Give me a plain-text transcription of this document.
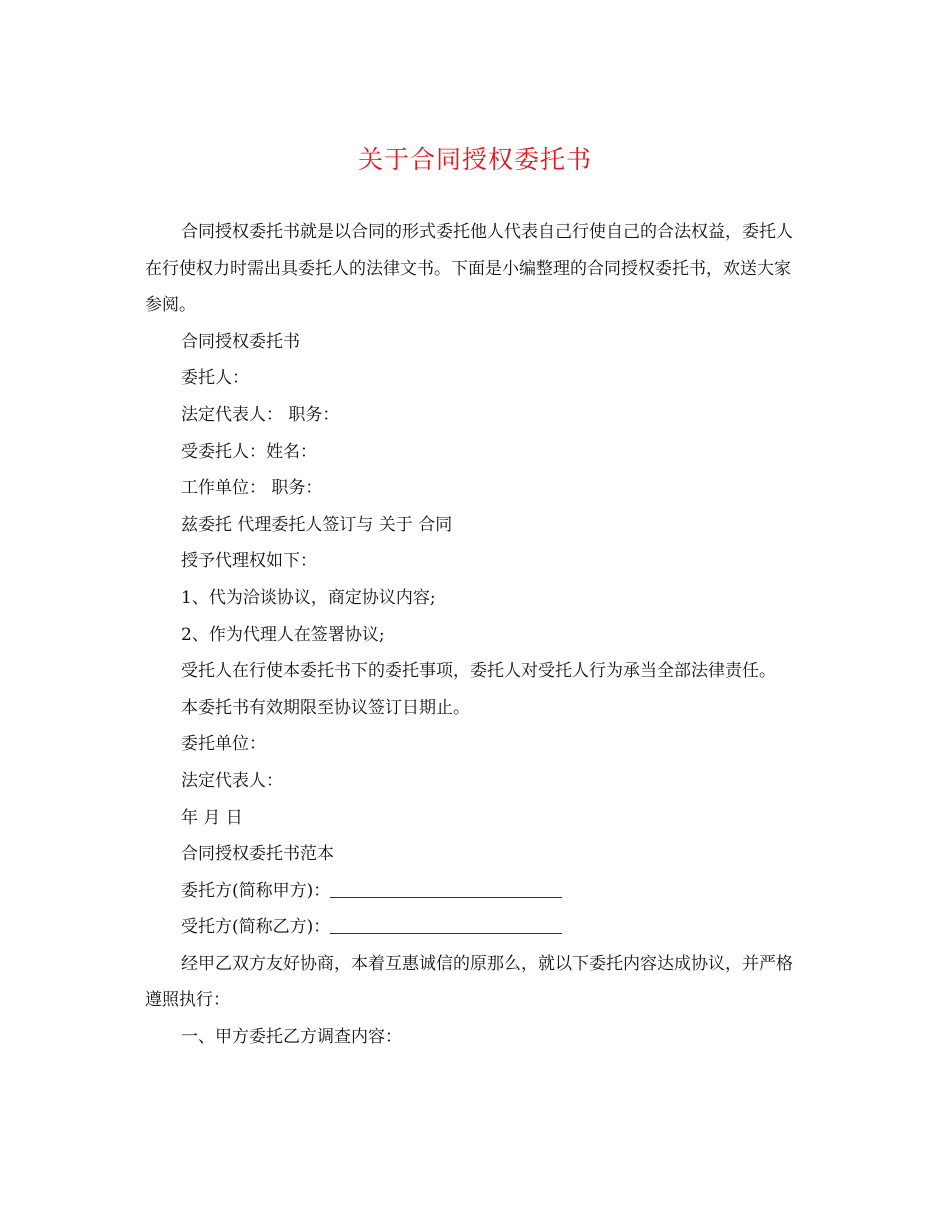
关于合同授权委托书

合同授权委托书就是以合同的形式委托他人代表自己行使自己的合法权益，委托人在行使权力时需出具委托人的法律文书。下面是小编整理的合同授权委托书，欢送大家参阅。

合同授权委托书

委托人：

法定代表人： 职务：

受委托人：姓名：

工作单位： 职务：

兹委托 代理委托人签订与 关于 合同

授予代理权如下：

1、代为洽谈协议，商定协议内容;

2、作为代理人在签署协议;

受托人在行使本委托书下的委托事项，委托人对受托人行为承当全部法律责任。

本委托书有效期限至协议签订日期止。

委托单位：

法定代表人：

年 月 日

合同授权委托书范本

委托方(简称甲方)：

受托方(简称乙方)：

经甲乙双方友好协商，本着互惠诚信的原那么，就以下委托内容达成协议，并严格遵照执行：

一、甲方委托乙方调查内容：
